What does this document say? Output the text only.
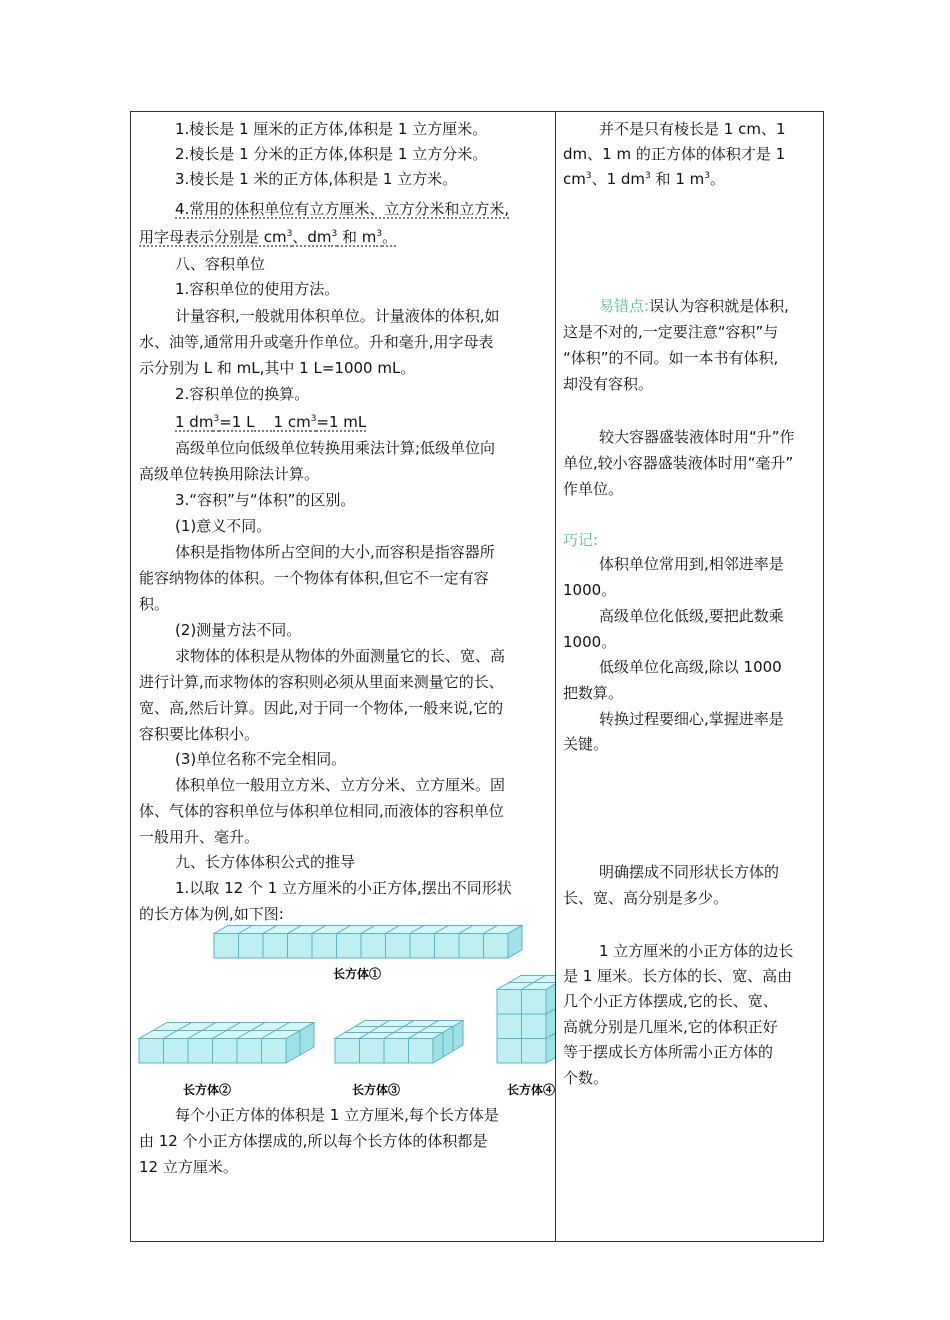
1.棱长是 1 厘米的正方体,体积是 1 立方厘米。
2.棱长是 1 分米的正方体,体积是 1 立方分米。
3.棱长是 1 米的正方体,体积是 1 立方米。
4.常用的体积单位有立方厘米、立方分米和立方米,
用字母表示分别是 $cm^3$、$dm^3$ 和 $m^3$。
八、容积单位
1.容积单位的使用方法。
计量容积,一般就用体积单位。计量液体的体积,如
水、油等,通常用升或毫升作单位。升和毫升,用字母表
示分别为 L 和 mL,其中 1 L=1000 mL。
2.容积单位的换算。
1 $dm^3=1$ L 1 $cm^3=1$ mL
高级单位向低级单位转换用乘法计算;低级单位向
高级单位转换用除法计算。
3.“容积”与“体积”的区别。
(1)意义不同。
体积是指物体所占空间的大小,而容积是指容器所
能容纳物体的体积。一个物体有体积,但它不一定有容
积。
(2)测量方法不同。
求物体的体积是从物体的外面测量它的长、宽、高
进行计算,而求物体的容积则必须从里面来测量它的长、
宽、高,然后计算。因此,对于同一个物体,一般来说,它的
容积要比体积小。
(3)单位名称不完全相同。
体积单位一般用立方米、立方分米、立方厘米。固
体、气体的容积单位与体积单位相同,而液体的容积单位
一般用升、毫升。
九、长方体体积公式的推导
1.以取 12 个 1 立方厘米的小正方体,摆出不同形状
的长方体为例,如下图:
长方体①
长方体②	长方体③	长方体④
每个小正方体的体积是 1 立方厘米,每个长方体是
由 12 个小正方体摆成的,所以每个长方体的体积都是
12 立方厘米。
并不是只有棱长是 1 cm、1
dm、1 m 的正方体的体积才是 1
$cm^3$、1 $dm^3$ 和 1 $m^3$。
易错点:误认为容积就是体积,
这是不对的,一定要注意“容积”与
“体积”的不同。如一本书有体积,
却没有容积。
较大容器盛装液体时用“升”作
单位,较小容器盛装液体时用“毫升”
作单位。
巧记:
体积单位常用到,相邻进率是
1000。
高级单位化低级,要把此数乘
1000。
低级单位化高级,除以 1000
把数算。
转换过程要细心,掌握进率是
关键。
明确摆成不同形状长方体的
长、宽、高分别是多少。
1 立方厘米的小正方体的边长
是 1 厘米。长方体的长、宽、高由
几个小正方体摆成,它的长、宽、
高就分别是几厘米,它的体积正好
等于摆成长方体所需小正方体的
个数。
